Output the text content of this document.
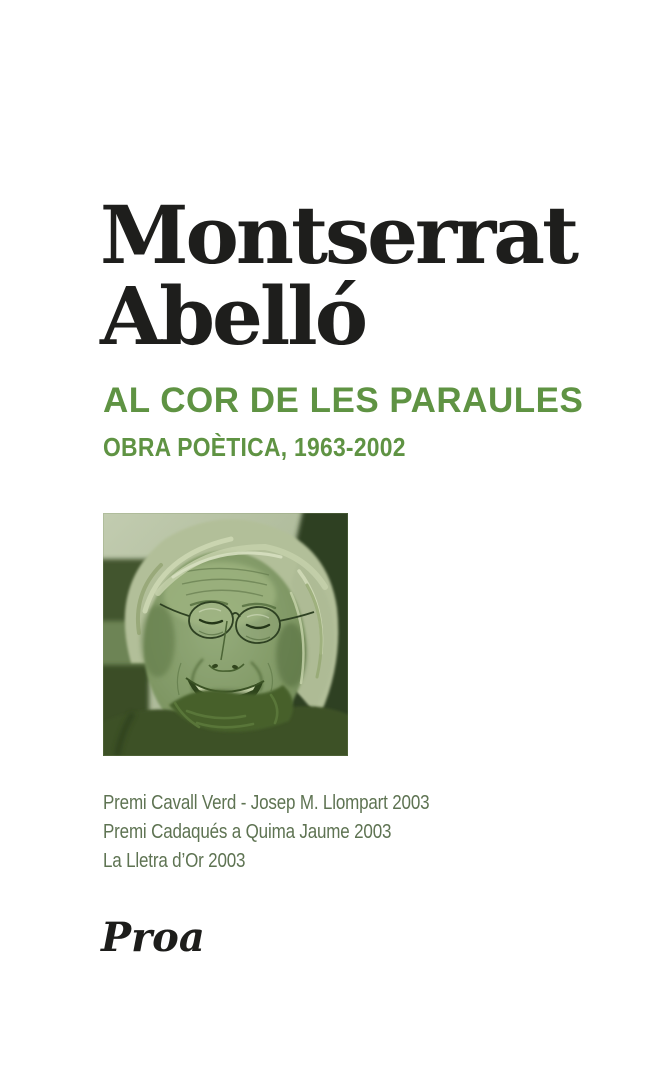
Montserrat
Abelló
AL COR DE LES PARAULES
OBRA POÈTICA, 1963-2002
Premi Cavall Verd - Josep M. Llompart 2003
Premi Cadaqués a Quima Jaume 2003
La Lletra d’Or 2003
Proa
